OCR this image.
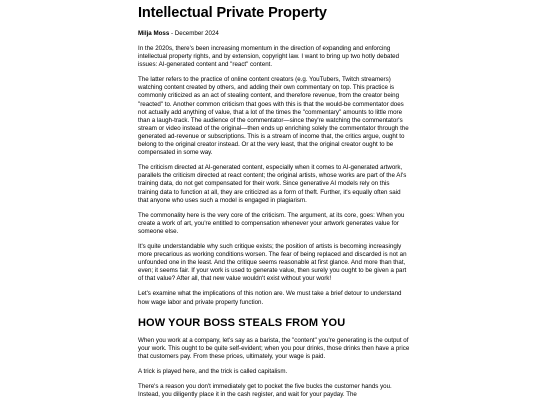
Intellectual Private Property

Milja Moss - December 2024

In the 2020s, there's been increasing momentum in the direction of expanding and enforcing intellectual property rights, and by extension, copyright law. I want to bring up two hotly debated issues: AI-generated content and "react" content.

The latter refers to the practice of online content creators (e.g. YouTubers, Twitch streamers) watching content created by others, and adding their own commentary on top. This practice is commonly criticized as an act of stealing content, and therefore revenue, from the creator being "reacted" to. Another common criticism that goes with this is that the would-be commentator does not actually add anything of value, that a lot of the times the "commentary" amounts to little more than a laugh-track. The audience of the commentator—since they're watching the commentator's stream or video instead of the original—then ends up enriching solely the commentator through the generated ad-revenue or subscriptions. This is a stream of income that, the critics argue, ought to belong to the original creator instead. Or at the very least, that the original creator ought to be compensated in some way.

The criticism directed at AI-generated content, especially when it comes to AI-generated artwork, parallels the criticism directed at react content; the original artists, whose works are part of the AI's training data, do not get compensated for their work. Since generative AI models rely on this training data to function at all, they are criticized as a form of theft. Further, it's equally often said that anyone who uses such a model is engaged in plagiarism.

The commonality here is the very core of the criticism. The argument, at its core, goes: When you create a work of art, you're entitled to compensation whenever your artwork generates value for someone else.

It's quite understandable why such critique exists; the position of artists is becoming increasingly more precarious as working conditions worsen. The fear of being replaced and discarded is not an unfounded one in the least. And the critique seems reasonable at first glance. And more than that, even; it seems fair. If your work is used to generate value, then surely you ought to be given a part of that value? After all, that new value wouldn't exist without your work!

Let's examine what the implications of this notion are. We must take a brief detour to understand how wage labor and private property function.

HOW YOUR BOSS STEALS FROM YOU

When you work at a company, let's say as a barista, the "content" you're generating is the output of your work. This ought to be quite self-evident; when you pour drinks, those drinks then have a price that customers pay. From these prices, ultimately, your wage is paid.

A trick is played here, and the trick is called capitalism.

There's a reason you don't immediately get to pocket the five bucks the customer hands you. Instead, you diligently place it in the cash register, and wait for your payday. The
